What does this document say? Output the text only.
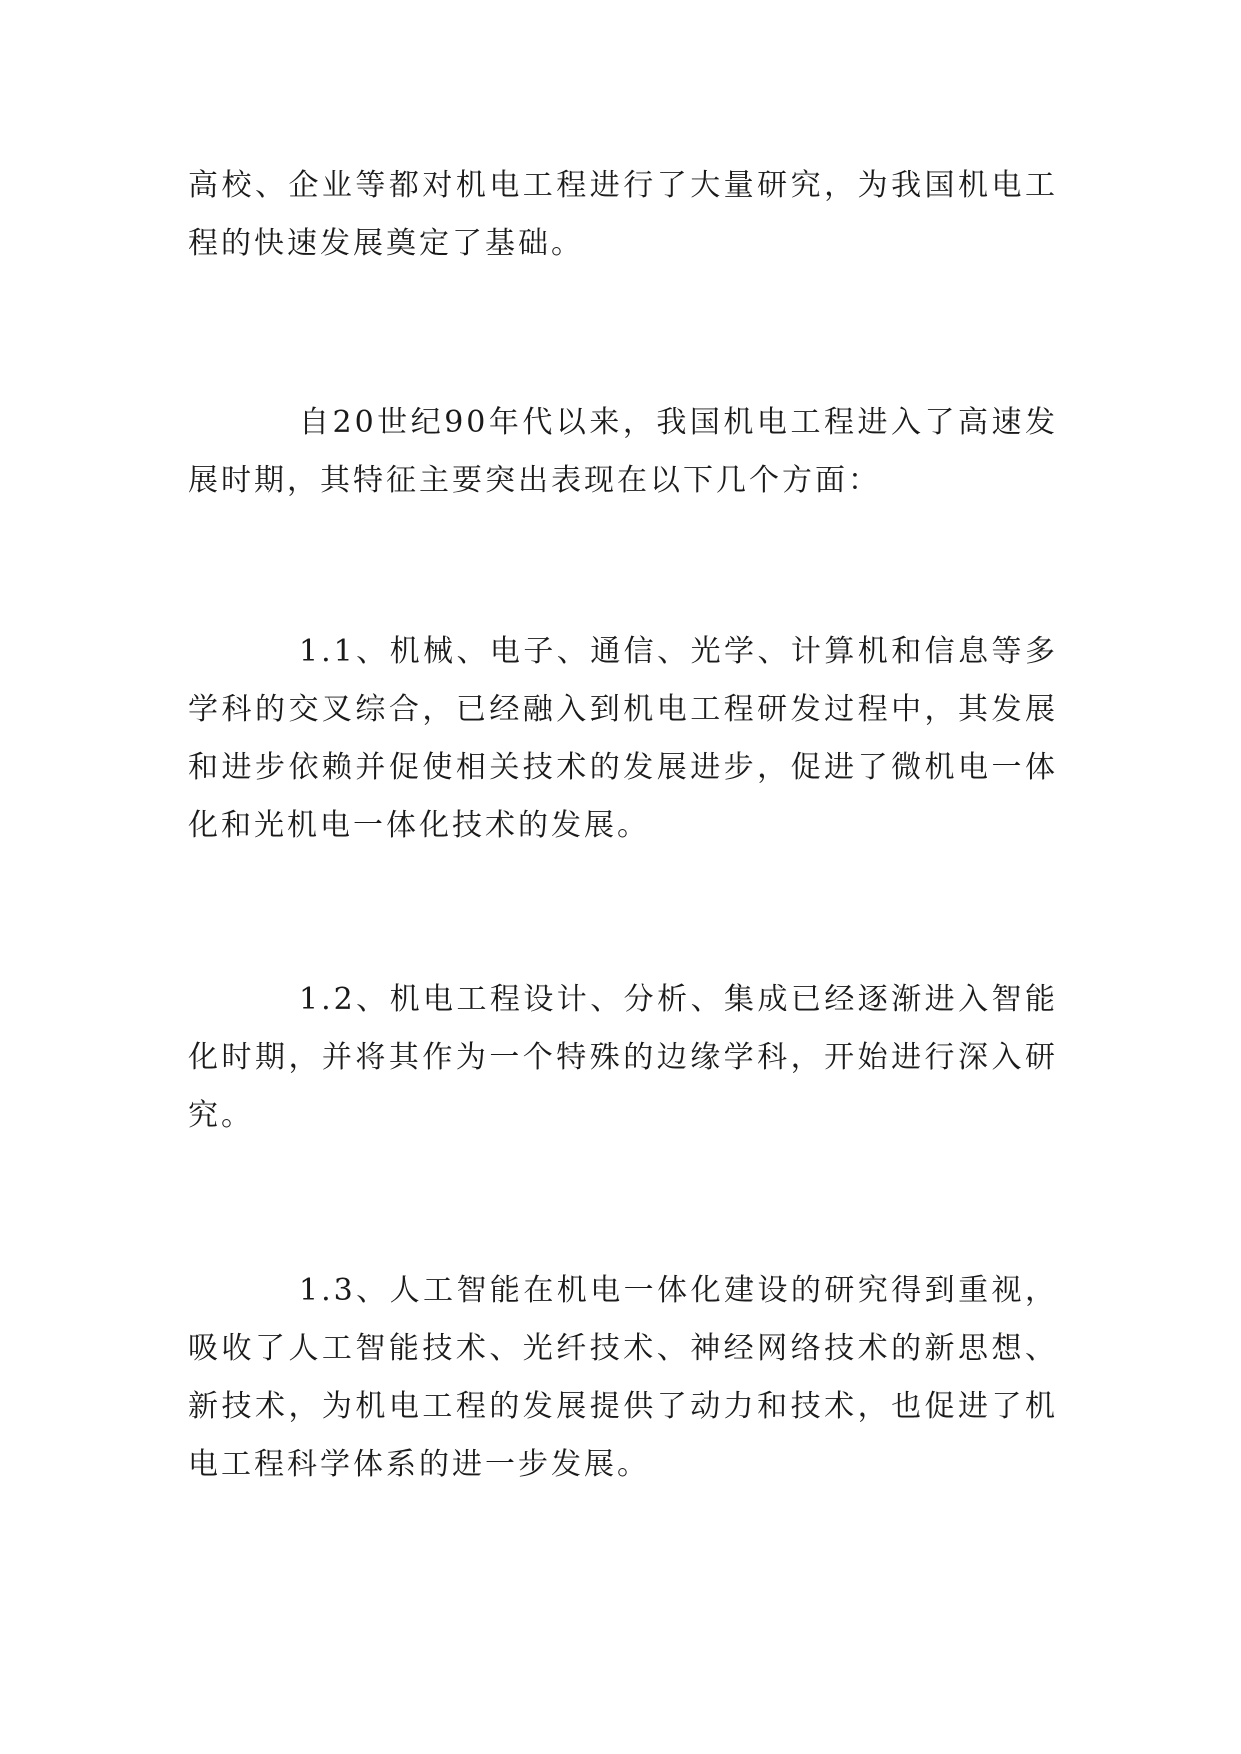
高校、企业等都对机电工程进行了大量研究，为我国机电工程的快速发展奠定了基础。

自20世纪90年代以来，我国机电工程进入了高速发展时期，其特征主要突出表现在以下几个方面：

1.1、机械、电子、通信、光学、计算机和信息等多学科的交叉综合，已经融入到机电工程研发过程中，其发展和进步依赖并促使相关技术的发展进步，促进了微机电一体化和光机电一体化技术的发展。

1.2、机电工程设计、分析、集成已经逐渐进入智能化时期，并将其作为一个特殊的边缘学科，开始进行深入研究。

1.3、人工智能在机电一体化建设的研究得到重视，吸收了人工智能技术、光纤技术、神经网络技术的新思想、新技术，为机电工程的发展提供了动力和技术，也促进了机电工程科学体系的进一步发展。
